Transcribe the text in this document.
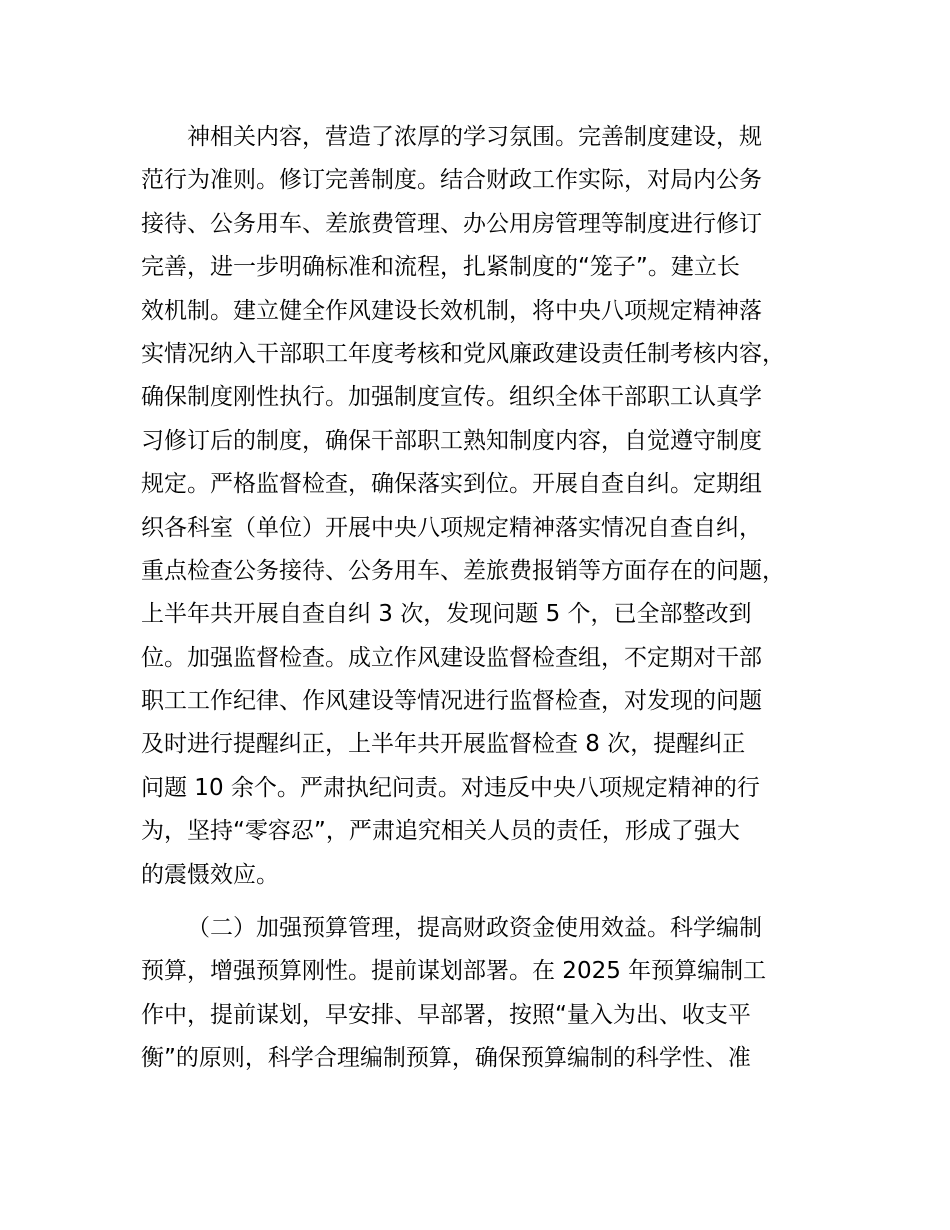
神相关内容，营造了浓厚的学习氛围。完善制度建设，规
范行为准则。修订完善制度。结合财政工作实际，对局内公务
接待、公务用车、差旅费管理、办公用房管理等制度进行修订
完善，进一步明确标准和流程，扎紧制度的“笼子”。建立长
效机制。建立健全作风建设长效机制，将中央八项规定精神落
实情况纳入干部职工年度考核和党风廉政建设责任制考核内容，
确保制度刚性执行。加强制度宣传。组织全体干部职工认真学
习修订后的制度，确保干部职工熟知制度内容，自觉遵守制度
规定。严格监督检查，确保落实到位。开展自查自纠。定期组
织各科室（单位）开展中央八项规定精神落实情况自查自纠，
重点检查公务接待、公务用车、差旅费报销等方面存在的问题，
上半年共开展自查自纠 3 次，发现问题 5 个，已全部整改到
位。加强监督检查。成立作风建设监督检查组，不定期对干部
职工工作纪律、作风建设等情况进行监督检查，对发现的问题
及时进行提醒纠正，上半年共开展监督检查 8 次，提醒纠正
问题 10 余个。严肃执纪问责。对违反中央八项规定精神的行
为，坚持“零容忍”，严肃追究相关人员的责任，形成了强大
的震慑效应。
（二）加强预算管理，提高财政资金使用效益。科学编制
预算，增强预算刚性。提前谋划部署。在 2025 年预算编制工
作中，提前谋划，早安排、早部署，按照“量入为出、收支平
衡”的原则，科学合理编制预算，确保预算编制的科学性、准
